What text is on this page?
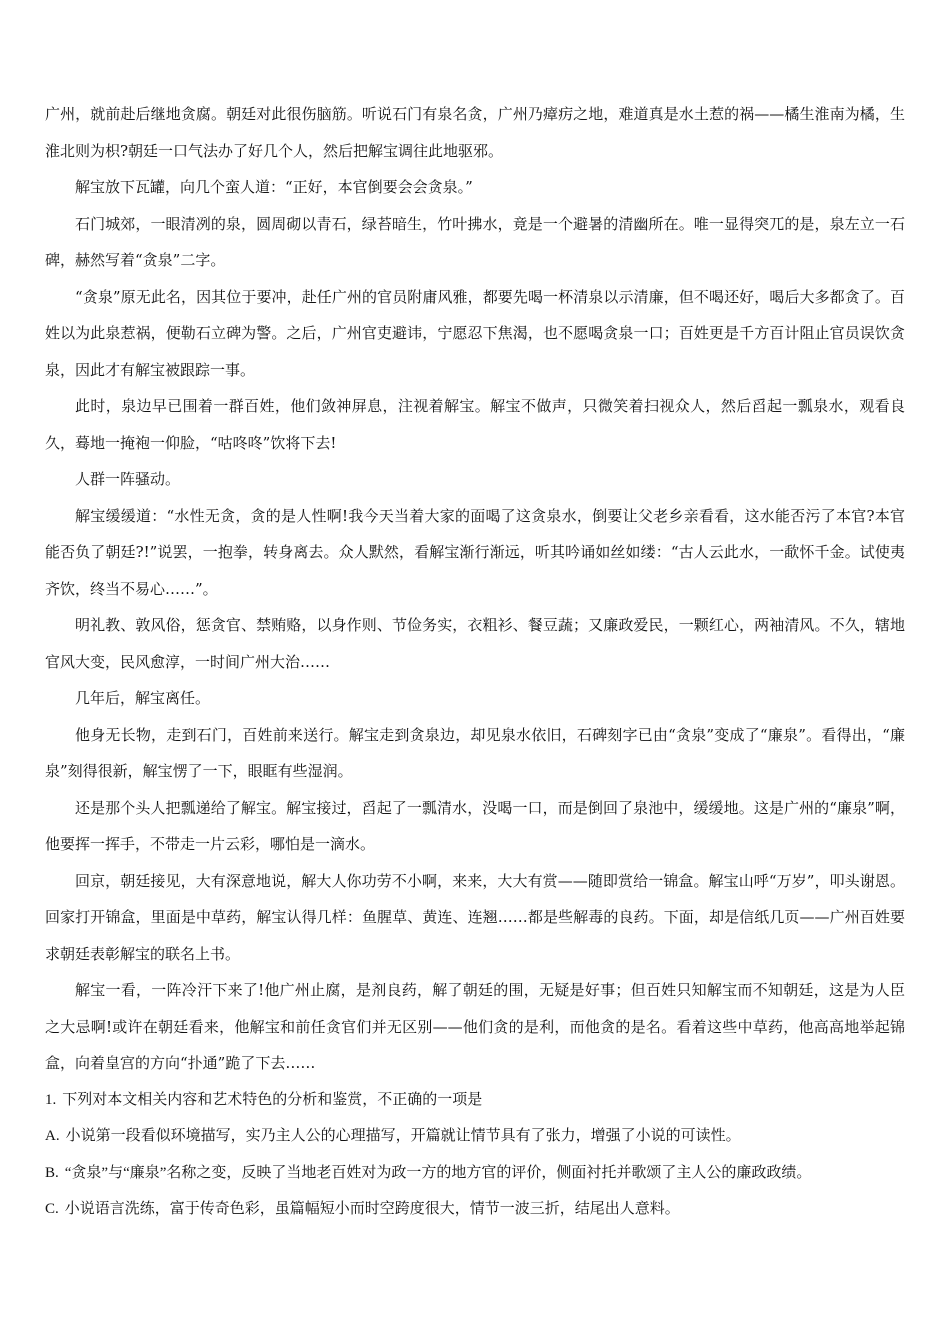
广州，就前赴后继地贪腐。朝廷对此很伤脑筋。听说石门有泉名贪，广州乃瘴疠之地，难道真是水土惹的祸——橘生淮南为橘，生淮北则为枳?朝廷一口气法办了好几个人，然后把解宝调往此地驱邪。

解宝放下瓦罐，向几个蛮人道：“正好，本官倒要会会贪泉。”

石门城郊，一眼清冽的泉，圆周砌以青石，绿苔暗生，竹叶拂水，竟是一个避暑的清幽所在。唯一显得突兀的是，泉左立一石碑，赫然写着“贪泉”二字。

“贪泉”原无此名，因其位于要冲，赴任广州的官员附庸风雅，都要先喝一杯清泉以示清廉，但不喝还好，喝后大多都贪了。百姓以为此泉惹祸，便勒石立碑为警。之后，广州官吏避讳，宁愿忍下焦渴，也不愿喝贪泉一口；百姓更是千方百计阻止官员误饮贪泉，因此才有解宝被跟踪一事。

此时，泉边早已围着一群百姓，他们敛神屏息，注视着解宝。解宝不做声，只微笑着扫视众人，然后舀起一瓢泉水，观看良久，蓦地一掩袍一仰脸，“咕咚咚”饮将下去!

人群一阵骚动。

解宝缓缓道：“水性无贪，贪的是人性啊!我今天当着大家的面喝了这贪泉水，倒要让父老乡亲看看，这水能否污了本官?本官能否负了朝廷?!”说罢，一抱拳，转身离去。众人默然，看解宝渐行渐远，听其吟诵如丝如缕：“古人云此水，一歃怀千金。试使夷齐饮，终当不易心……”。

明礼教、敦风俗，惩贪官、禁贿赂，以身作则、节俭务实，衣粗衫、餐豆蔬；又廉政爱民，一颗红心，两袖清风。不久，辖地官风大变，民风愈淳，一时间广州大治……

几年后，解宝离任。

他身无长物，走到石门，百姓前来送行。解宝走到贪泉边，却见泉水依旧，石碑刻字已由“贪泉”变成了“廉泉”。看得出，“廉泉”刻得很新，解宝愣了一下，眼眶有些湿润。

还是那个头人把瓢递给了解宝。解宝接过，舀起了一瓢清水，没喝一口，而是倒回了泉池中，缓缓地。这是广州的“廉泉”啊，他要挥一挥手，不带走一片云彩，哪怕是一滴水。

回京，朝廷接见，大有深意地说，解大人你功劳不小啊，来来，大大有赏——随即赏给一锦盒。解宝山呼“万岁”，叩头谢恩。回家打开锦盒，里面是中草药，解宝认得几样：鱼腥草、黄连、连翘……都是些解毒的良药。下面，却是信纸几页——广州百姓要求朝廷表彰解宝的联名上书。

解宝一看，一阵冷汗下来了!他广州止腐，是剂良药，解了朝廷的围，无疑是好事；但百姓只知解宝而不知朝廷，这是为人臣之大忌啊!或许在朝廷看来，他解宝和前任贪官们并无区别——他们贪的是利，而他贪的是名。看着这些中草药，他高高地举起锦盒，向着皇宫的方向“扑通”跪了下去……

1. 下列对本文相关内容和艺术特色的分析和鉴赏，不正确的一项是

A. 小说第一段看似环境描写，实乃主人公的心理描写，开篇就让情节具有了张力，增强了小说的可读性。

B. “贪泉”与“廉泉”名称之变，反映了当地老百姓对为政一方的地方官的评价，侧面衬托并歌颂了主人公的廉政政绩。

C. 小说语言洗练，富于传奇色彩，虽篇幅短小而时空跨度很大，情节一波三折，结尾出人意料。
